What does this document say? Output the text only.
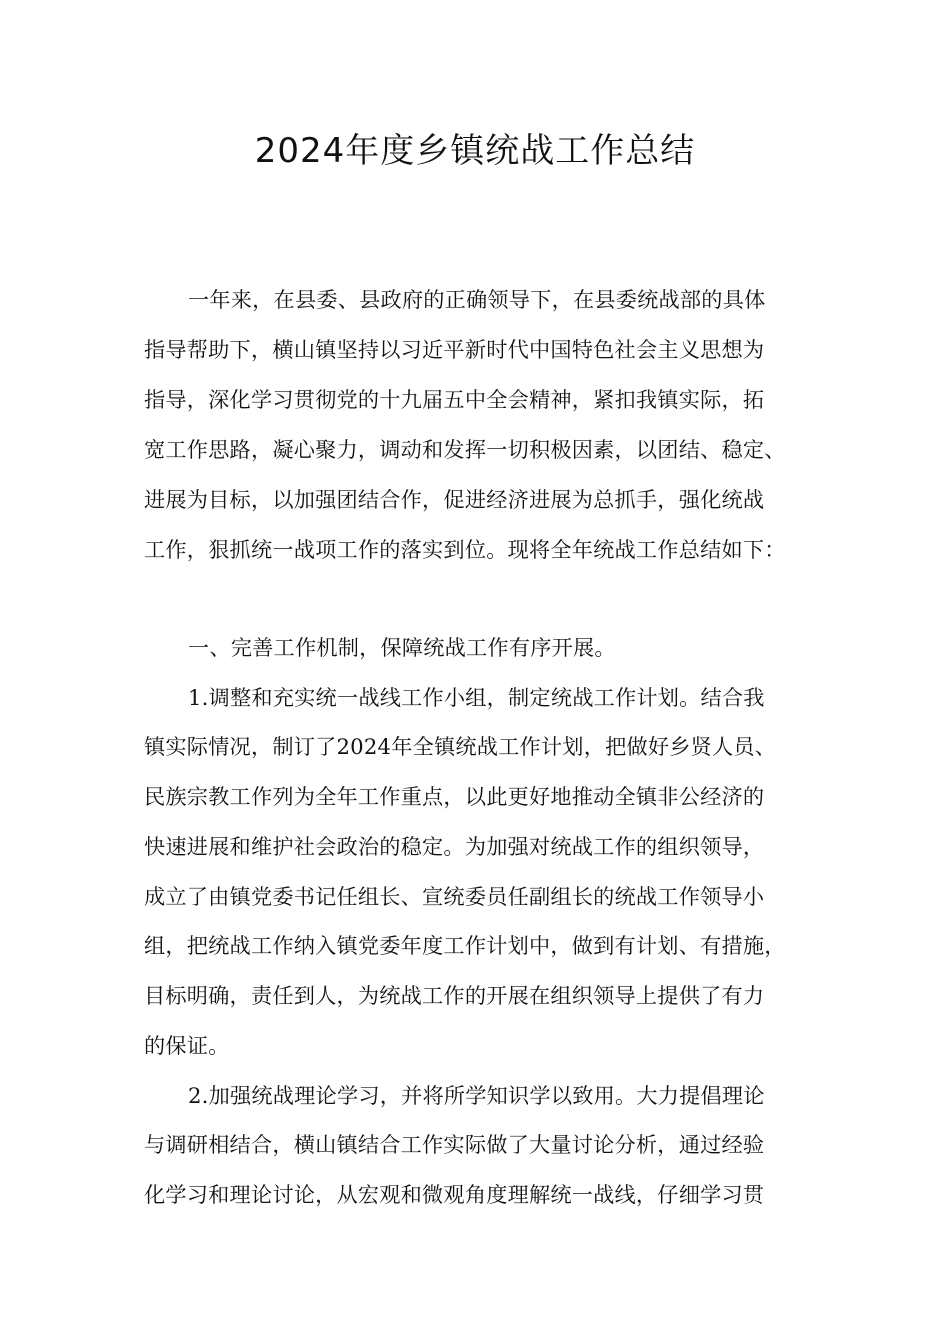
2024年度乡镇统战工作总结
一年来，在县委、县政府的正确领导下，在县委统战部的具体
指导帮助下，横山镇坚持以习近平新时代中国特色社会主义思想为
指导，深化学习贯彻党的十九届五中全会精神，紧扣我镇实际，拓
宽工作思路，凝心聚力，调动和发挥一切积极因素，以团结、稳定、
进展为目标，以加强团结合作，促进经济进展为总抓手，强化统战
工作，狠抓统一战项工作的落实到位。现将全年统战工作总结如下：
一、完善工作机制，保障统战工作有序开展。
1.调整和充实统一战线工作小组，制定统战工作计划。结合我
镇实际情况，制订了2024年全镇统战工作计划，把做好乡贤人员、
民族宗教工作列为全年工作重点，以此更好地推动全镇非公经济的
快速进展和维护社会政治的稳定。为加强对统战工作的组织领导，
成立了由镇党委书记任组长、宣统委员任副组长的统战工作领导小
组，把统战工作纳入镇党委年度工作计划中，做到有计划、有措施，
目标明确，责任到人，为统战工作的开展在组织领导上提供了有力
的保证。
2.加强统战理论学习，并将所学知识学以致用。大力提倡理论
与调研相结合，横山镇结合工作实际做了大量讨论分析，通过经验
化学习和理论讨论，从宏观和微观角度理解统一战线，仔细学习贯
